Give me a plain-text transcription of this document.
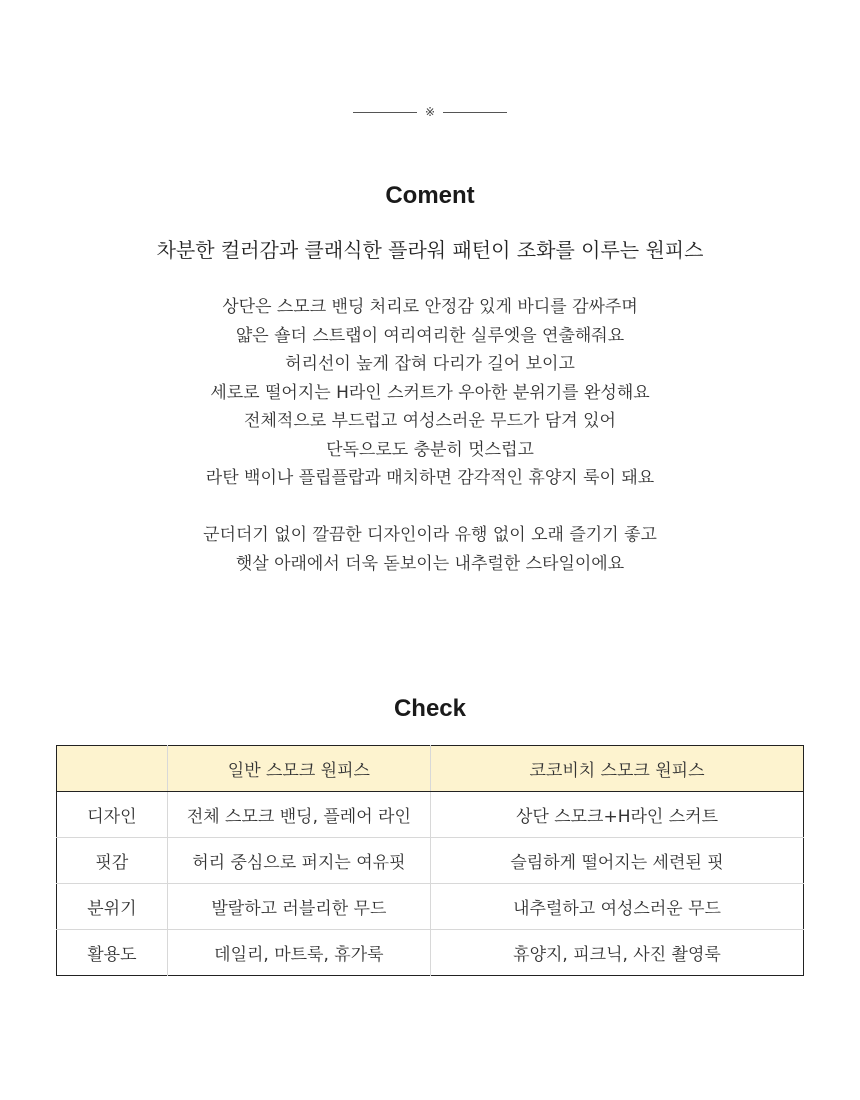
※
Coment
차분한 컬러감과 클래식한 플라워 패턴이 조화를 이루는 원피스
상단은 스모크 밴딩 처리로 안정감 있게 바디를 감싸주며
얇은 숄더 스트랩이 여리여리한 실루엣을 연출해줘요
허리선이 높게 잡혀 다리가 길어 보이고
세로로 떨어지는 H라인 스커트가 우아한 분위기를 완성해요
전체적으로 부드럽고 여성스러운 무드가 담겨 있어
단독으로도 충분히 멋스럽고
라탄 백이나 플립플랍과 매치하면 감각적인 휴양지 룩이 돼요
군더더기 없이 깔끔한 디자인이라 유행 없이 오래 즐기기 좋고
햇살 아래에서 더욱 돋보이는 내추럴한 스타일이에요
Check
	일반 스모크 원피스	코코비치 스모크 원피스
디자인	전체 스모크 밴딩, 플레어 라인	상단 스모크+H라인 스커트
핏감	허리 중심으로 퍼지는 여유핏	슬림하게 떨어지는 세련된 핏
분위기	발랄하고 러블리한 무드	내추럴하고 여성스러운 무드
활용도	데일리, 마트룩, 휴가룩	휴양지, 피크닉, 사진 촬영룩
